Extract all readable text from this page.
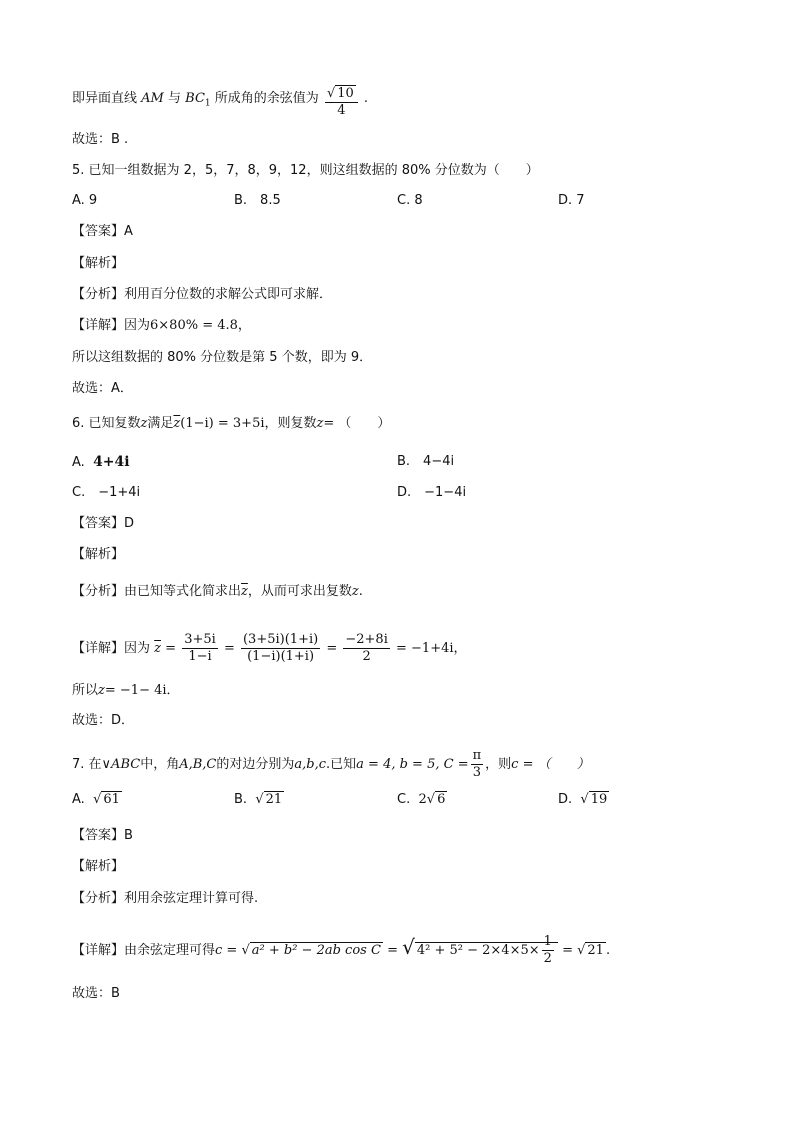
即异面直线 AM 与 $BC_1$ 所成角的余弦值为 $\frac{√ 10}{4}$ .
故选：B .
5. 已知一组数据为 2，5，7，8，9，12，则这组数据的 80% 分位数为（　　）
A. 9	B.　8.5	C. 8	D. 7
【答案】A
【解析】
【分析】利用百分位数的求解公式即可求解．
【详解】因为6×80% = 4.8，
所以这组数据的 80% 分位数是第 5 个数，即为 9．
故选：A．
6. 已知复数z满足$\overline{z}(1-i) = 3+5i$，则复数z= （　　）
A. 4+4i	B.　4−4i
C.　−1+4i	D.　−1−4i
【答案】D
【解析】
【分析】由已知等式化简求出$\overline{z}$，从而可求出复数z.
【详解】因为 $\overline{z} = \frac{3+5i}{1-i} = \frac{(3+5i)(1+i)}{(1-i)(1+i)} = \frac{-2+8i}{2} = -1+4i$，
所以z= −1− 4i．
故选：D．
7. 在∨ABC中，角A,B,C的对边分别为a,b,c.已知a = 4, b = 5, $C = \frac{\pi}{3}$ ，则c = （　　）
A. √ 61	B. √ 21	C. 2√ 6	D. √ 19
【答案】B
【解析】
【分析】利用余弦定理计算可得.
【详解】由余弦定理可得c = √ a² + b² − 2ab cos C = √ $4^2 + 5^2 - 2\times 4\times 5\times \frac{1}{2}$ = √ 21 .
故选：B
